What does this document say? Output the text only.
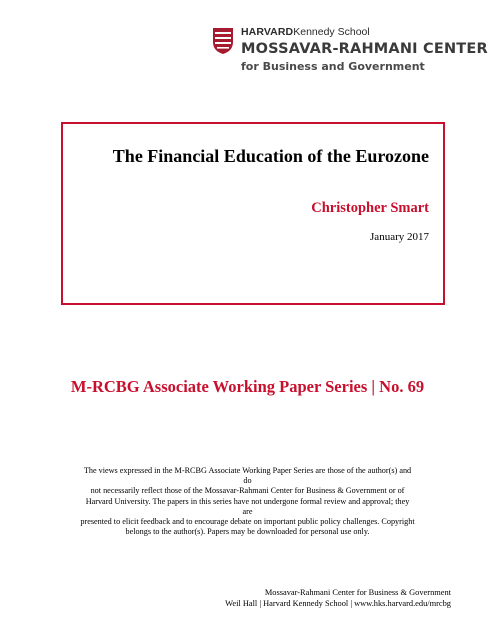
HARVARDKennedy School
MOSSAVAR-RAHMANI CENTER
for Business and Government
The Financial Education of the Eurozone
Christopher Smart
January 2017
M-RCBG Associate Working Paper Series | No. 69
The views expressed in the M-RCBG Associate Working Paper Series are those of the author(s) and do
not necessarily reflect those of the Mossavar-Rahmani Center for Business & Government or of
Harvard University. The papers in this series have not undergone formal review and approval; they are
presented to elicit feedback and to encourage debate on important public policy challenges. Copyright
belongs to the author(s). Papers may be downloaded for personal use only.
Mossavar-Rahmani Center for Business & Government
Weil Hall | Harvard Kennedy School | www.hks.harvard.edu/mrcbg
